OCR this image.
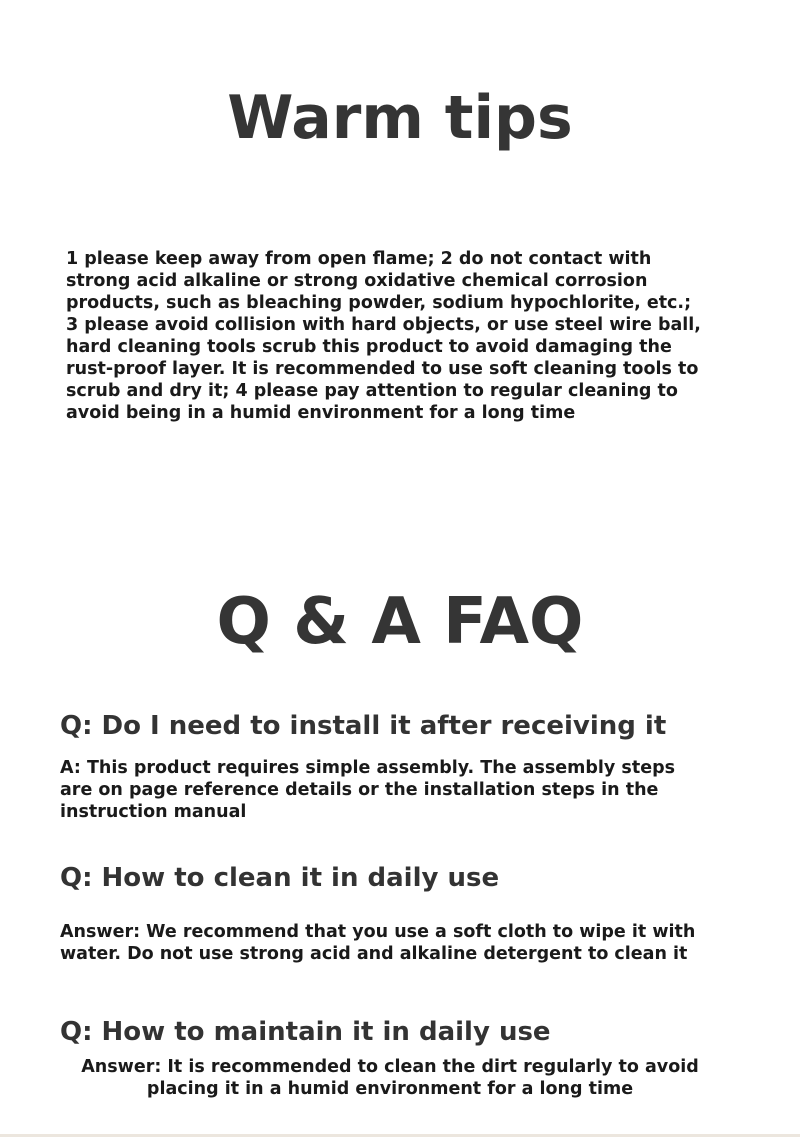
Warm tips

1 please keep away from open flame; 2 do not contact with strong acid alkaline or strong oxidative chemical corrosion products, such as bleaching powder, sodium hypochlorite, etc.; 3 please avoid collision with hard objects, or use steel wire ball, hard cleaning tools scrub this product to avoid damaging the rust-proof layer. It is recommended to use soft cleaning tools to scrub and dry it; 4 please pay attention to regular cleaning to avoid being in a humid environment for a long time

Q & A FAQ
Q: Do I need to install it after receiving it

A: This product requires simple assembly. The assembly steps are on page reference details or the installation steps in the instruction manual

Q: How to clean it in daily use

Answer: We recommend that you use a soft cloth to wipe it with water. Do not use strong acid and alkaline detergent to clean it

Q: How to maintain it in daily use

Answer: It is recommended to clean the dirt regularly to avoid placing it in a humid environment for a long time
